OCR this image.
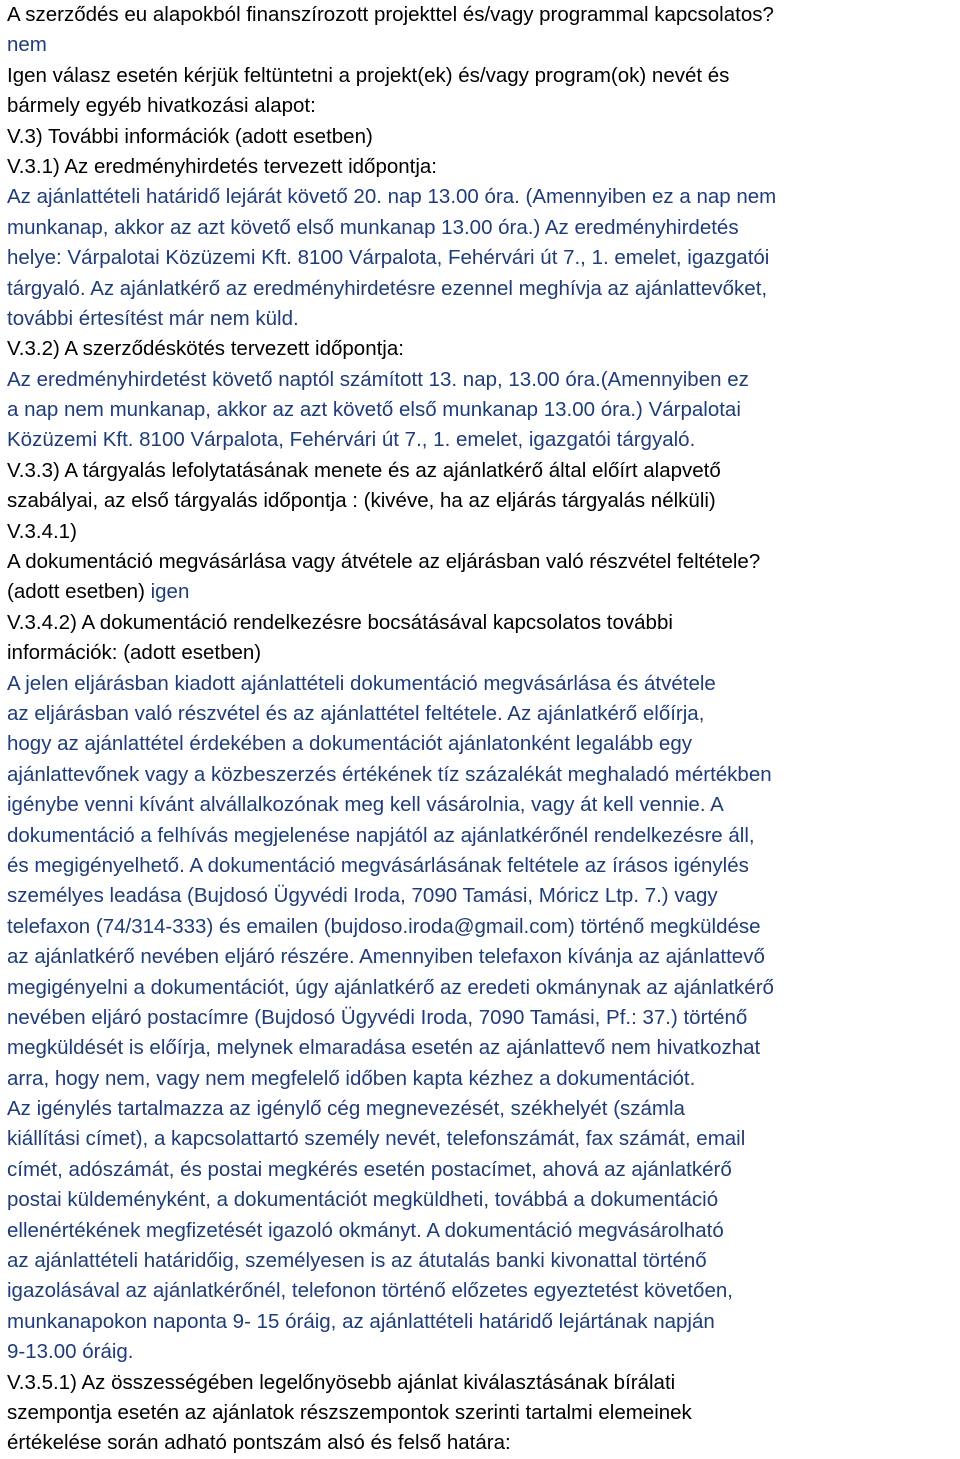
A szerződés eu alapokból finanszírozott projekttel és/vagy programmal kapcsolatos?
nem
Igen válasz esetén kérjük feltüntetni a projekt(ek) és/vagy program(ok) nevét és
bármely egyéb hivatkozási alapot:
V.3) További információk (adott esetben)
V.3.1) Az eredményhirdetés tervezett időpontja:
Az ajánlattételi határidő lejárát követő 20. nap 13.00 óra. (Amennyiben ez a nap nem
munkanap, akkor az azt követő első munkanap 13.00 óra.) Az eredményhirdetés
helye: Várpalotai Közüzemi Kft. 8100 Várpalota, Fehérvári út 7., 1. emelet, igazgatói
tárgyaló. Az ajánlatkérő az eredményhirdetésre ezennel meghívja az ajánlattevőket,
további értesítést már nem küld.
V.3.2) A szerződéskötés tervezett időpontja:
Az eredményhirdetést követő naptól számított 13. nap, 13.00 óra.(Amennyiben ez
a nap nem munkanap, akkor az azt követő első munkanap 13.00 óra.) Várpalotai
Közüzemi Kft. 8100 Várpalota, Fehérvári út 7., 1. emelet, igazgatói tárgyaló.
V.3.3) A tárgyalás lefolytatásának menete és az ajánlatkérő által előírt alapvető
szabályai, az első tárgyalás időpontja : (kivéve, ha az eljárás tárgyalás nélküli)
V.3.4.1)
A dokumentáció megvásárlása vagy átvétele az eljárásban való részvétel feltétele?
(adott esetben) igen
V.3.4.2) A dokumentáció rendelkezésre bocsátásával kapcsolatos további
információk: (adott esetben)
A jelen eljárásban kiadott ajánlattételi dokumentáció megvásárlása és átvétele
az eljárásban való részvétel és az ajánlattétel feltétele. Az ajánlatkérő előírja,
hogy az ajánlattétel érdekében a dokumentációt ajánlatonként legalább egy
ajánlattevőnek vagy a közbeszerzés értékének tíz százalékát meghaladó mértékben
igénybe venni kívánt alvállalkozónak meg kell vásárolnia, vagy át kell vennie. A
dokumentáció a felhívás megjelenése napjától az ajánlatkérőnél rendelkezésre áll,
és megigényelhető. A dokumentáció megvásárlásának feltétele az írásos igénylés
személyes leadása (Bujdosó Ügyvédi Iroda, 7090 Tamási, Móricz Ltp. 7.) vagy
telefaxon (74/314-333) és emailen (bujdoso.iroda@gmail.com) történő megküldése
az ajánlatkérő nevében eljáró részére. Amennyiben telefaxon kívánja az ajánlattevő
megigényelni a dokumentációt, úgy ajánlatkérő az eredeti okmánynak az ajánlatkérő
nevében eljáró postacímre (Bujdosó Ügyvédi Iroda, 7090 Tamási, Pf.: 37.) történő
megküldését is előírja, melynek elmaradása esetén az ajánlattevő nem hivatkozhat
arra, hogy nem, vagy nem megfelelő időben kapta kézhez a dokumentációt.
Az igénylés tartalmazza az igénylő cég megnevezését, székhelyét (számla
kiállítási címet), a kapcsolattartó személy nevét, telefonszámát, fax számát, email
címét, adószámát, és postai megkérés esetén postacímet, ahová az ajánlatkérő
postai küldeményként, a dokumentációt megküldheti, továbbá a dokumentáció
ellenértékének megfizetését igazoló okmányt. A dokumentáció megvásárolható
az ajánlattételi határidőig, személyesen is az átutalás banki kivonattal történő
igazolásával az ajánlatkérőnél, telefonon történő előzetes egyeztetést követően,
munkanapokon naponta 9- 15 óráig, az ajánlattételi határidő lejártának napján
9-13.00 óráig.
V.3.5.1) Az összességében legelőnyösebb ajánlat kiválasztásának bírálati
szempontja esetén az ajánlatok részszempontok szerinti tartalmi elemeinek
értékelése során adható pontszám alsó és felső határa:
